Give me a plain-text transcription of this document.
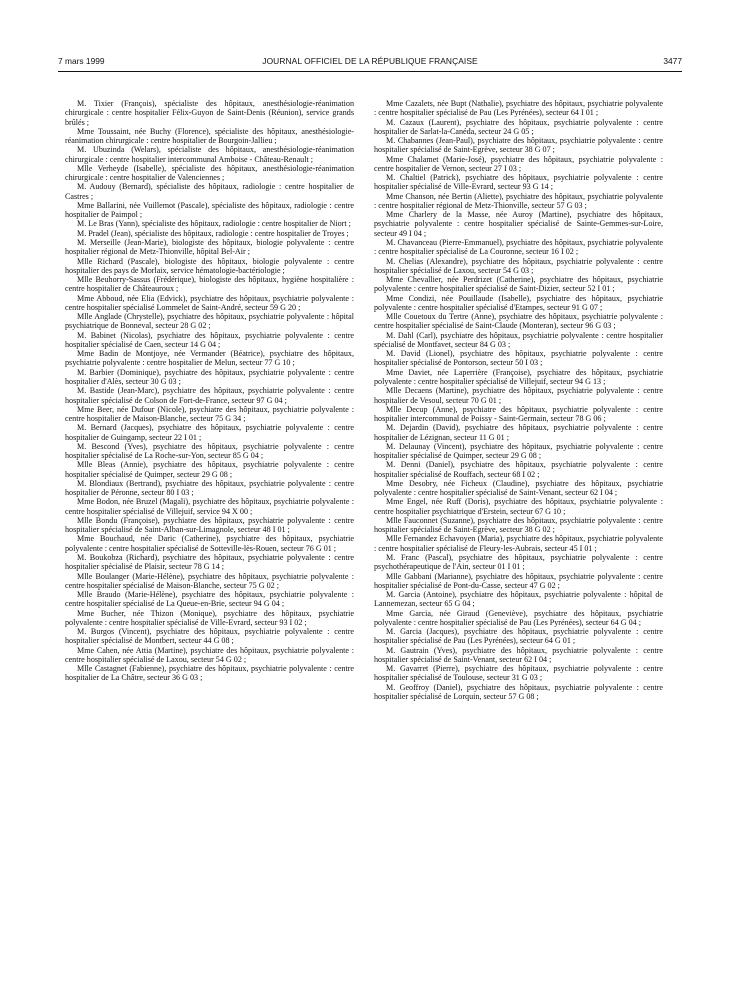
7 mars 1999	JOURNAL OFFICIEL DE LA RÉPUBLIQUE FRANÇAISE	3477

M. Tixier (François), spécialiste des hôpitaux, anesthésiologie-réanimation chirurgicale : centre hospitalier Félix-Guyon de Saint-Denis (Réunion), service grands brûlés ;

Mme Toussaint, née Buchy (Florence), spécialiste des hôpitaux, anesthésiologie-réanimation chirurgicale : centre hospitalier de Bourgoin-Jallieu ;

M. Ubuzinda (Welars), spécialiste des hôpitaux, anesthésiologie-réanimation chirurgicale : centre hospitalier intercommunal Amboise - Château-Renault ;

Mlle Verheyde (Isabelle), spécialiste des hôpitaux, anesthésiologie-réanimation chirurgicale : centre hospitalier de Valenciennes ;

M. Audouy (Bernard), spécialiste des hôpitaux, radiologie : centre hospitalier de Castres ;

Mme Ballarini, née Vuillemot (Pascale), spécialiste des hôpitaux, radiologie : centre hospitalier de Paimpol ;

M. Le Bras (Yann), spécialiste des hôpitaux, radiologie : centre hospitalier de Niort ;

M. Pradel (Jean), spécialiste des hôpitaux, radiologie : centre hospitalier de Troyes ;

M. Merseille (Jean-Marie), biologiste des hôpitaux, biologie polyvalente : centre hospitalier régional de Metz-Thionville, hôpital Bel-Air ;

Mlle Richard (Pascale), biologiste des hôpitaux, biologie polyvalente : centre hospitalier des pays de Morlaix, service hématologie-bactériologie ;

Mlle Beuhorry-Sassus (Frédérique), biologiste des hôpitaux, hygiène hospitalière : centre hospitalier de Châteauroux ;

Mme Abboud, née Elia (Edvick), psychiatre des hôpitaux, psychiatrie polyvalente : centre hospitalier spécialisé Lommelet de Saint-André, secteur 59 G 20 ;

Mlle Anglade (Chrystelle), psychiatre des hôpitaux, psychiatrie polyvalente : hôpital psychiatrique de Bonneval, secteur 28 G 02 ;

M. Babinet (Nicolas), psychiatre des hôpitaux, psychiatrie polyvalente : centre hospitalier spécialisé de Caen, secteur 14 G 04 ;

Mme Badin de Montjoye, née Vermander (Béatrice), psychiatre des hôpitaux, psychiatrie polyvalente : centre hospitalier de Melun, secteur 77 G 10 ;

M. Barbier (Dominique), psychiatre des hôpitaux, psychiatrie polyvalente : centre hospitalier d'Alès, secteur 30 G 03 ;

M. Bastide (Jean-Marc), psychiatre des hôpitaux, psychiatrie polyvalente : centre hospitalier spécialisé de Colson de Fort-de-France, secteur 97 G 04 ;

Mme Beer, née Dufour (Nicole), psychiatre des hôpitaux, psychiatrie polyvalente : centre hospitalier de Maison-Blanche, secteur 75 G 34 ;

M. Bernard (Jacques), psychiatre des hôpitaux, psychiatrie polyvalente : centre hospitalier de Guingamp, secteur 22 I 01 ;

M. Bescond (Yves), psychiatre des hôpitaux, psychiatrie polyvalente : centre hospitalier spécialisé de La Roche-sur-Yon, secteur 85 G 04 ;

Mlle Bleas (Annie), psychiatre des hôpitaux, psychiatrie polyvalente : centre hospitalier spécialisé de Quimper, secteur 29 G 08 ;

M. Blondiaux (Bertrand), psychiatre des hôpitaux, psychiatrie polyvalente : centre hospitalier de Péronne, secteur 80 I 03 ;

Mme Bodon, née Bruzel (Magali), psychiatre des hôpitaux, psychiatrie polyvalente : centre hospitalier spécialisé de Villejuif, service 94 X 00 ;

Mlle Bondu (Françoise), psychiatre des hôpitaux, psychiatrie polyvalente : centre hospitalier spécialisé de Saint-Alban-sur-Limagnole, secteur 48 I 01 ;

Mme Bouchaud, née Daric (Catherine), psychiatre des hôpitaux, psychiatrie polyvalente : centre hospitalier spécialisé de Sotteville-lès-Rouen, secteur 76 G 01 ;

M. Boukobza (Richard), psychiatre des hôpitaux, psychiatrie polyvalente : centre hospitalier spécialisé de Plaisir, secteur 78 G 14 ;

Mlle Boulanger (Marie-Hélène), psychiatre des hôpitaux, psychiatrie polyvalente : centre hospitalier spécialisé de Maison-Blanche, secteur 75 G 02 ;

Mlle Braudo (Marie-Hélène), psychiatre des hôpitaux, psychiatrie polyvalente : centre hospitalier spécialisé de La Queue-en-Brie, secteur 94 G 04 ;

Mme Bucher, née Thizon (Monique), psychiatre des hôpitaux, psychiatrie polyvalente : centre hospitalier spécialisé de Ville-Evrard, secteur 93 I 02 ;

M. Burgos (Vincent), psychiatre des hôpitaux, psychiatrie polyvalente : centre hospitalier spécialisé de Montbert, secteur 44 G 08 ;

Mme Cahen, née Attia (Martine), psychiatre des hôpitaux, psychiatrie polyvalente : centre hospitalier spécialisé de Laxou, secteur 54 G 02 ;

Mlle Castagnet (Fabienne), psychiatre des hôpitaux, psychiatrie polyvalente : centre hospitalier de La Châtre, secteur 36 G 03 ;

Mme Cazalets, née Bupt (Nathalie), psychiatre des hôpitaux, psychiatrie polyvalente : centre hospitalier spécialisé de Pau (Les Pyrénées), secteur 64 I 01 ;

M. Cazaux (Laurent), psychiatre des hôpitaux, psychiatrie polyvalente : centre hospitalier de Sarlat-la-Canéda, secteur 24 G 05 ;

M. Chabannes (Jean-Paul), psychiatre des hôpitaux, psychiatrie polyvalente : centre hospitalier spécialisé de Saint-Egrève, secteur 38 G 07 ;

Mme Chalamet (Marie-José), psychiatre des hôpitaux, psychiatrie polyvalente : centre hospitalier de Vernon, secteur 27 I 03 ;

M. Chaltiel (Patrick), psychiatre des hôpitaux, psychiatrie polyvalente : centre hospitalier spécialisé de Ville-Evrard, secteur 93 G 14 ;

Mme Chanson, née Bertin (Aliette), psychiatre des hôpitaux, psychiatrie polyvalente : centre hospitalier régional de Metz-Thionville, secteur 57 G 03 ;

Mme Charlery de la Masse, née Auroy (Martine), psychiatre des hôpitaux, psychiatrie polyvalente : centre hospitalier spécialisé de Sainte-Gemmes-sur-Loire, secteur 49 I 04 ;

M. Chavanceau (Pierre-Emmanuel), psychiatre des hôpitaux, psychiatrie polyvalente : centre hospitalier spécialisé de La Couronne, secteur 16 I 02 ;

M. Chelias (Alexandre), psychiatre des hôpitaux, psychiatrie polyvalente : centre hospitalier spécialisé de Laxou, secteur 54 G 03 ;

Mme Chevallier, née Perdrizet (Catherine), psychiatre des hôpitaux, psychiatrie polyvalente : centre hospitalier spécialisé de Saint-Dizier, secteur 52 I 01 ;

Mme Condizi, née Pouillaude (Isabelle), psychiatre des hôpitaux, psychiatrie polyvalente : centre hospitalier spécialisé d'Etampes, secteur 91 G 07 ;

Mlle Couetoux du Tertre (Anne), psychiatre des hôpitaux, psychiatrie polyvalente : centre hospitalier spécialisé de Saint-Claude (Monteran), secteur 96 G 03 ;

M. Dahl (Carl), psychiatre des hôpitaux, psychiatrie polyvalente : centre hospitalier spécialisé de Montfavet, secteur 84 G 03 ;

M. David (Lionel), psychiatre des hôpitaux, psychiatrie polyvalente : centre hospitalier spécialisé de Pontorson, secteur 50 I 03 ;

Mme Daviet, née Laperrière (Françoise), psychiatre des hôpitaux, psychiatrie polyvalente : centre hospitalier spécialisé de Villejuif, secteur 94 G 13 ;

Mlle Decaens (Martine), psychiatre des hôpitaux, psychiatrie polyvalente : centre hospitalier de Vesoul, secteur 70 G 01 ;

Mlle Decup (Anne), psychiatre des hôpitaux, psychiatrie polyvalente : centre hospitalier intercommunal de Poissy - Saint-Germain, secteur 78 G 06 ;

M. Dejardin (David), psychiatre des hôpitaux, psychiatrie polyvalente : centre hospitalier de Lézignan, secteur 11 G 01 ;

M. Delaunay (Vincent), psychiatre des hôpitaux, psychiatrie polyvalente : centre hospitalier spécialisé de Quimper, secteur 29 G 08 ;

M. Denni (Daniel), psychiatre des hôpitaux, psychiatrie polyvalente : centre hospitalier spécialisé de Rouffach, secteur 68 I 02 ;

Mme Desobry, née Ficheux (Claudine), psychiatre des hôpitaux, psychiatrie polyvalente : centre hospitalier spécialisé de Saint-Venant, secteur 62 I 04 ;

Mme Engel, née Ruff (Doris), psychiatre des hôpitaux, psychiatrie polyvalente : centre hospitalier psychiatrique d'Erstein, secteur 67 G 10 ;

Mlle Fauconnet (Suzanne), psychiatre des hôpitaux, psychiatrie polyvalente : centre hospitalier spécialisé de Saint-Egrève, secteur 38 G 02 ;

Mlle Fernandez Echavoyen (Maria), psychiatre des hôpitaux, psychiatrie polyvalente : centre hospitalier spécialisé de Fleury-les-Aubrais, secteur 45 I 01 ;

M. Franc (Pascal), psychiatre des hôpitaux, psychiatrie polyvalente : centre psychothérapeutique de l'Ain, secteur 01 I 01 ;

Mlle Gabbani (Marianne), psychiatre des hôpitaux, psychiatrie polyvalente : centre hospitalier spécialisé de Pont-du-Casse, secteur 47 G 02 ;

M. Garcia (Antoine), psychiatre des hôpitaux, psychiatrie polyvalente : hôpital de Lannemezan, secteur 65 G 04 ;

Mme Garcia, née Giraud (Geneviève), psychiatre des hôpitaux, psychiatrie polyvalente : centre hospitalier spécialisé de Pau (Les Pyrénées), secteur 64 G 04 ;

M. Garcia (Jacques), psychiatre des hôpitaux, psychiatrie polyvalente : centre hospitalier spécialisé de Pau (Les Pyrénées), secteur 64 G 01 ;

M. Gautrain (Yves), psychiatre des hôpitaux, psychiatrie polyvalente : centre hospitalier spécialisé de Saint-Venant, secteur 62 I 04 ;

M. Gavarret (Pierre), psychiatre des hôpitaux, psychiatrie polyvalente : centre hospitalier spécialisé de Toulouse, secteur 31 G 03 ;

M. Geoffroy (Daniel), psychiatre des hôpitaux, psychiatrie polyvalente : centre hospitalier spécialisé de Lorquin, secteur 57 G 08 ;
